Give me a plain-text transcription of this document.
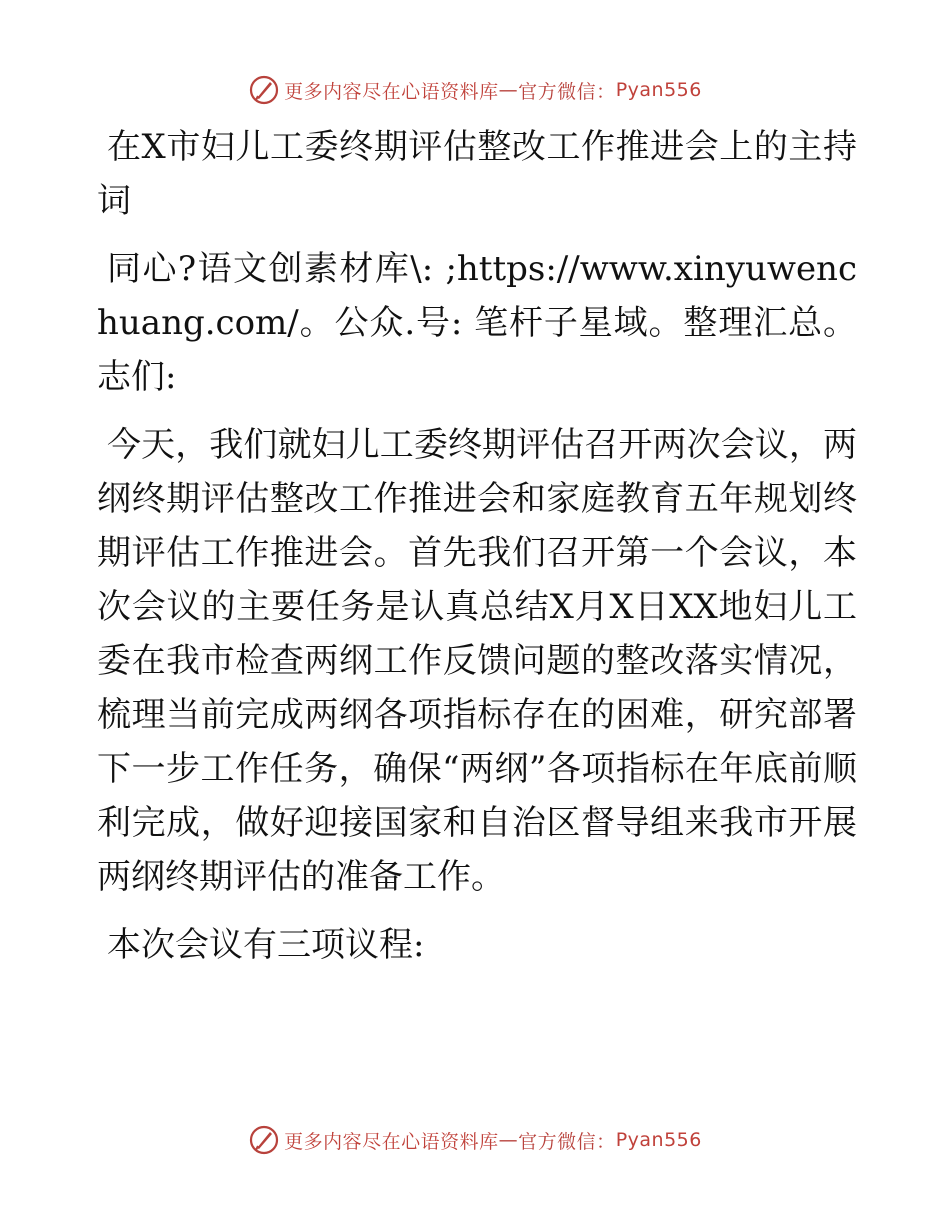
更多内容尽在心语资料库 — 官方微信： Pyan556

在X市妇儿工委终期评估整改工作推进会上的主持词

同心?语文创素材库\: ;https://www.xinyuwenchuang.com/。公众.号: 笔杆子星域。整理汇总。志们:

今天，我们就妇儿工委终期评估召开两次会议，两纲终期评估整改工作推进会和家庭教育五年规划终期评估工作推进会。首先我们召开第一个会议，本次会议的主要任务是认真总结X月X日XX地妇儿工委在我市检查两纲工作反馈问题的整改落实情况，梳理当前完成两纲各项指标存在的困难，研究部署下一步工作任务，确保“两纲”各项指标在年底前顺利完成，做好迎接国家和自治区督导组来我市开展两纲终期评估的准备工作。

本次会议有三项议程:

更多内容尽在心语资料库 — 官方微信： Pyan556
